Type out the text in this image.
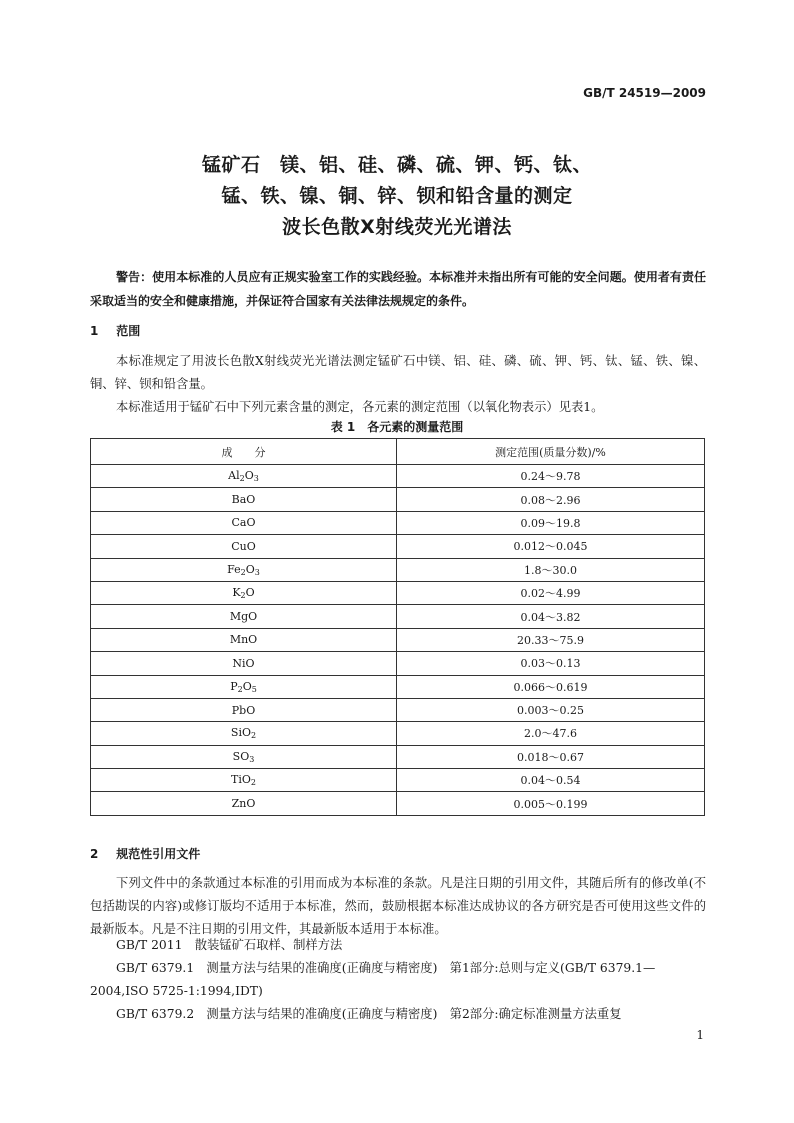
GB/T 24519—2009
锰矿石　镁、铝、硅、磷、硫、钾、钙、钛、
锰、铁、镍、铜、锌、钡和铅含量的测定
波长色散X射线荧光光谱法
警告：使用本标准的人员应有正规实验室工作的实践经验。本标准并未指出所有可能的安全问题。使用者有责任采取适当的安全和健康措施，并保证符合国家有关法律法规规定的条件。
1 范围
本标准规定了用波长色散X射线荧光光谱法测定锰矿石中镁、铝、硅、磷、硫、钾、钙、钛、锰、铁、镍、铜、锌、钡和铅含量。
本标准适用于锰矿石中下列元素含量的测定，各元素的测定范围（以氧化物表示）见表1。
表 1　各元素的测量范围
成　　分	测定范围(质量分数)/%
$Al_2O_3$	0.24～9.78
BaO	0.08～2.96
CaO	0.09～19.8
CuO	0.012～0.045
$Fe_2O_3$	1.8～30.0
$K_2O$	0.02～4.99
MgO	0.04～3.82
MnO	20.33～75.9
NiO	0.03～0.13
$P_2O_5$	0.066～0.619
PbO	0.003～0.25
SiO$_2$	2.0～47.6
$SO_3$	0.018～0.67
TiO$_2$	0.04～0.54
ZnO	0.005～0.199
2 规范性引用文件
下列文件中的条款通过本标准的引用而成为本标准的条款。凡是注日期的引用文件，其随后所有的修改单(不包括勘误的内容)或修订版均不适用于本标准，然而，鼓励根据本标准达成协议的各方研究是否可使用这些文件的最新版本。凡是不注日期的引用文件，其最新版本适用于本标准。
GB/T 2011　散装锰矿石取样、制样方法
GB/T 6379.1　测量方法与结果的准确度(正确度与精密度)　第1部分:总则与定义(GB/T 6379.1—
2004,ISO 5725-1:1994,IDT)
GB/T 6379.2　测量方法与结果的准确度(正确度与精密度)　第2部分:确定标准测量方法重复
1
